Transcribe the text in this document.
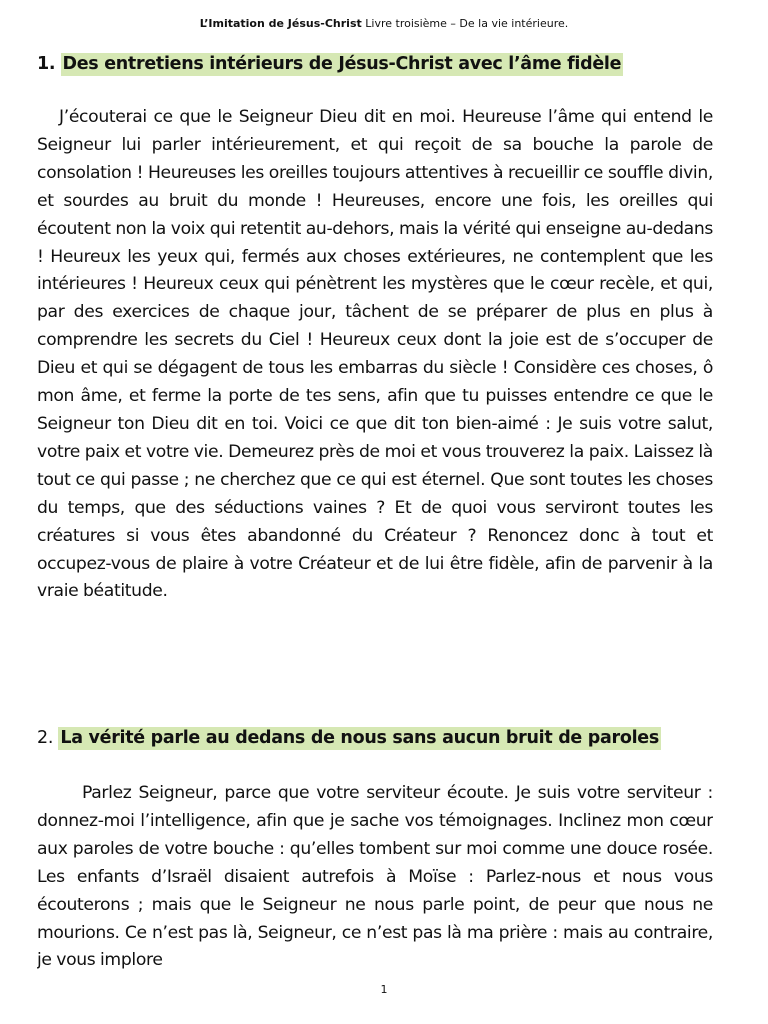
L’Imitation de Jésus-Christ Livre troisième – De la vie intérieure.
1. Des entretiens intérieurs de Jésus-Christ avec l’âme fidèle

J’écouterai ce que le Seigneur Dieu dit en moi. Heureuse l’âme qui entend le Seigneur lui parler intérieurement, et qui reçoit de sa bouche la parole de consolation ! Heureuses les oreilles toujours attentives à recueillir ce souffle divin, et sourdes au bruit du monde ! Heureuses, encore une fois, les oreilles qui écoutent non la voix qui retentit au-dehors, mais la vérité qui enseigne au-dedans ! Heureux les yeux qui, fermés aux choses extérieures, ne contemplent que les intérieures ! Heureux ceux qui pénètrent les mystères que le cœur recèle, et qui, par des exercices de chaque jour, tâchent de se préparer de plus en plus à comprendre les secrets du Ciel ! Heureux ceux dont la joie est de s’occuper de Dieu et qui se dégagent de tous les embarras du siècle ! Considère ces choses, ô mon âme, et ferme la porte de tes sens, afin que tu puisses entendre ce que le Seigneur ton Dieu dit en toi. Voici ce que dit ton bien-aimé : Je suis votre salut, votre paix et votre vie. Demeurez près de moi et vous trouverez la paix. Laissez là tout ce qui passe ; ne cherchez que ce qui est éternel. Que sont toutes les choses du temps, que des séductions vaines ? Et de quoi vous serviront toutes les créatures si vous êtes abandonné du Créateur ? Renoncez donc à tout et occupez-vous de plaire à votre Créateur et de lui être fidèle, afin de parvenir à la vraie béatitude.

2. La vérité parle au dedans de nous sans aucun bruit de paroles

Parlez Seigneur, parce que votre serviteur écoute. Je suis votre serviteur : donnez-moi l’intelligence, afin que je sache vos témoignages. Inclinez mon cœur aux paroles de votre bouche : qu’elles tombent sur moi comme une douce rosée. Les enfants d’Israël disaient autrefois à Moïse : Parlez-nous et nous vous écouterons ; mais que le Seigneur ne nous parle point, de peur que nous ne mourions. Ce n’est pas là, Seigneur, ce n’est pas là ma prière : mais au contraire, je vous implore

1
